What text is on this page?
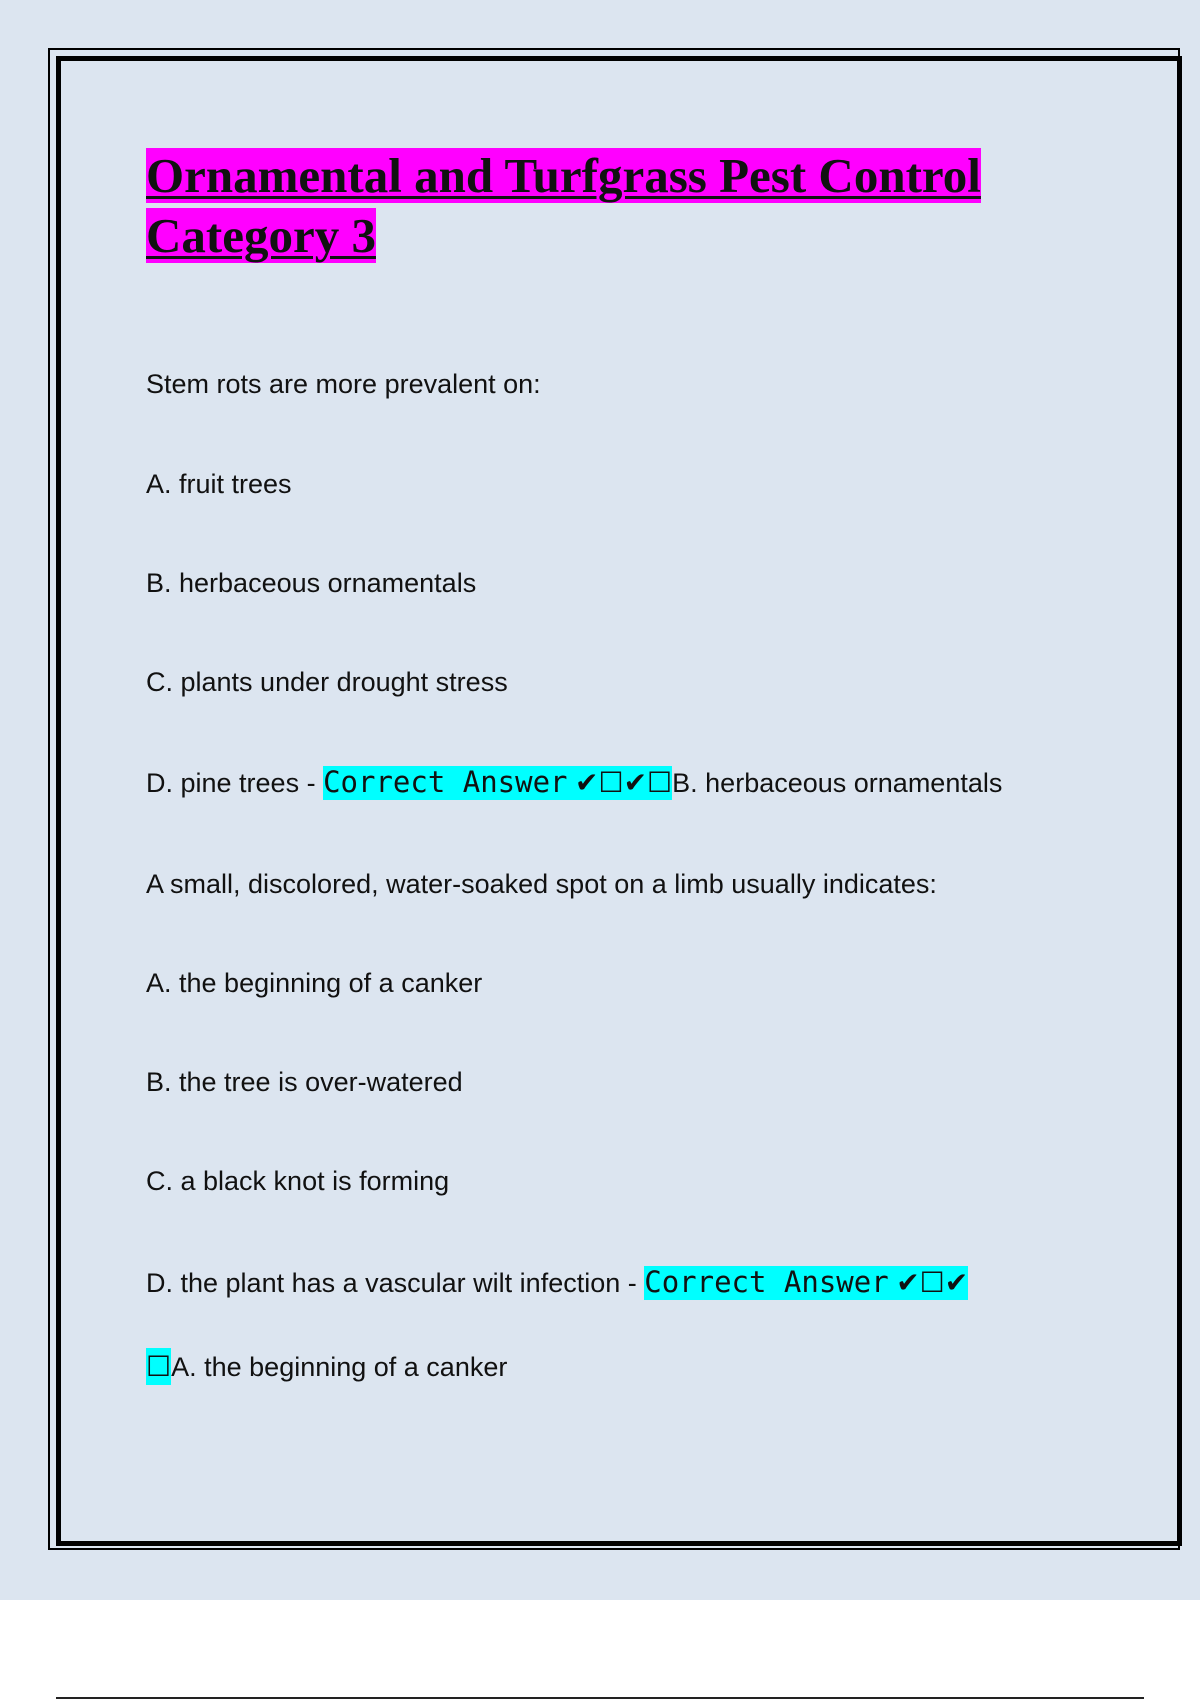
Ornamental and Turfgrass Pest Control Category 3
Stem rots are more prevalent on:
A. fruit trees
B. herbaceous ornamentals
C. plants under drought stress
D. pine trees - Correct Answer ✔☐✔☐B. herbaceous ornamentals
A small, discolored, water-soaked spot on a limb usually indicates:
A. the beginning of a canker
B. the tree is over-watered
C. a black knot is forming
D. the plant has a vascular wilt infection - Correct Answer ✔☐✔
☐A. the beginning of a canker
